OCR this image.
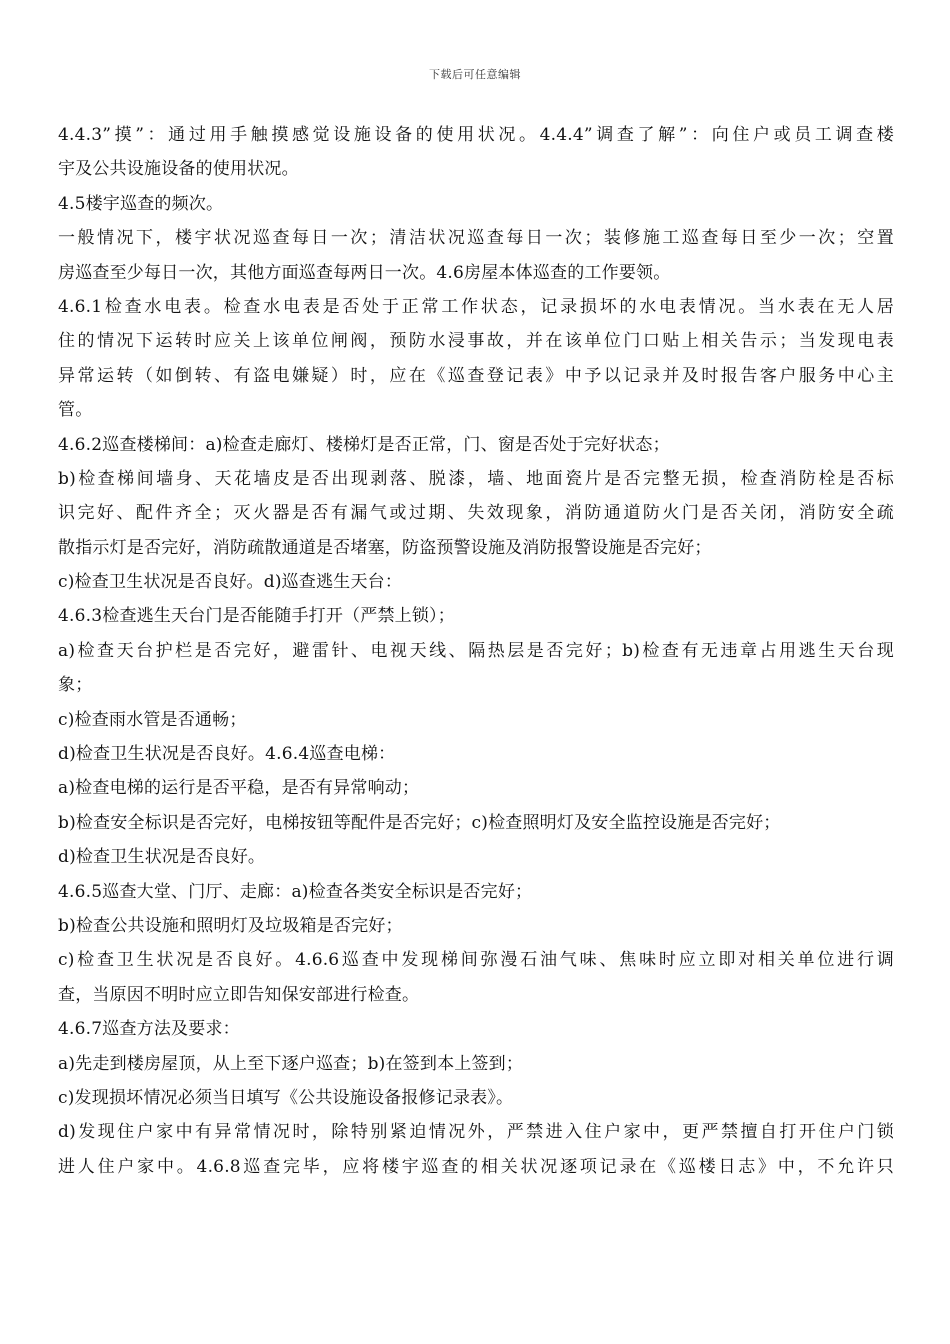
下载后可任意编辑
4.4.3”摸”：通过用手触摸感觉设施设备的使用状况。4.4.4”调查了解”：向住户或员工调查楼
宇及公共设施设备的使用状况。
4.5楼宇巡查的频次。
一般情况下，楼宇状况巡查每日一次；清洁状况巡查每日一次；装修施工巡查每日至少一次；空置
房巡查至少每日一次，其他方面巡查每两日一次。4.6房屋本体巡查的工作要领。
4.6.1检查水电表。检查水电表是否处于正常工作状态，记录损坏的水电表情况。当水表在无人居
住的情况下运转时应关上该单位闸阀，预防水浸事故，并在该单位门口贴上相关告示；当发现电表
异常运转（如倒转、有盗电嫌疑）时，应在《巡查登记表》中予以记录并及时报告客户服务中心主
管。
4.6.2巡查楼梯间：a)检查走廊灯、楼梯灯是否正常，门、窗是否处于完好状态；
b)检查梯间墙身、天花墙皮是否出现剥落、脱漆，墙、地面瓷片是否完整无损，检查消防栓是否标
识完好、配件齐全；灭火器是否有漏气或过期、失效现象，消防通道防火门是否关闭，消防安全疏
散指示灯是否完好，消防疏散通道是否堵塞，防盗预警设施及消防报警设施是否完好；
c)检查卫生状况是否良好。d)巡查逃生天台：
4.6.3检查逃生天台门是否能随手打开（严禁上锁）；
a)检查天台护栏是否完好，避雷针、电视天线、隔热层是否完好；b)检查有无违章占用逃生天台现
象；
c)检查雨水管是否通畅；
d)检查卫生状况是否良好。4.6.4巡查电梯：
a)检查电梯的运行是否平稳，是否有异常响动；
b)检查安全标识是否完好，电梯按钮等配件是否完好；c)检查照明灯及安全监控设施是否完好；
d)检查卫生状况是否良好。
4.6.5巡查大堂、门厅、走廊：a)检查各类安全标识是否完好；
b)检查公共设施和照明灯及垃圾箱是否完好；
c)检查卫生状况是否良好。4.6.6巡查中发现梯间弥漫石油气味、焦味时应立即对相关单位进行调
查，当原因不明时应立即告知保安部进行检查。
4.6.7巡查方法及要求：
a)先走到楼房屋顶，从上至下逐户巡查；b)在签到本上签到；
c)发现损坏情况必须当日填写《公共设施设备报修记录表》。
d)发现住户家中有异常情况时，除特别紧迫情况外，严禁进入住户家中，更严禁擅自打开住户门锁
进人住户家中。4.6.8巡查完毕，应将楼宇巡查的相关状况逐项记录在《巡楼日志》中，不允许只
